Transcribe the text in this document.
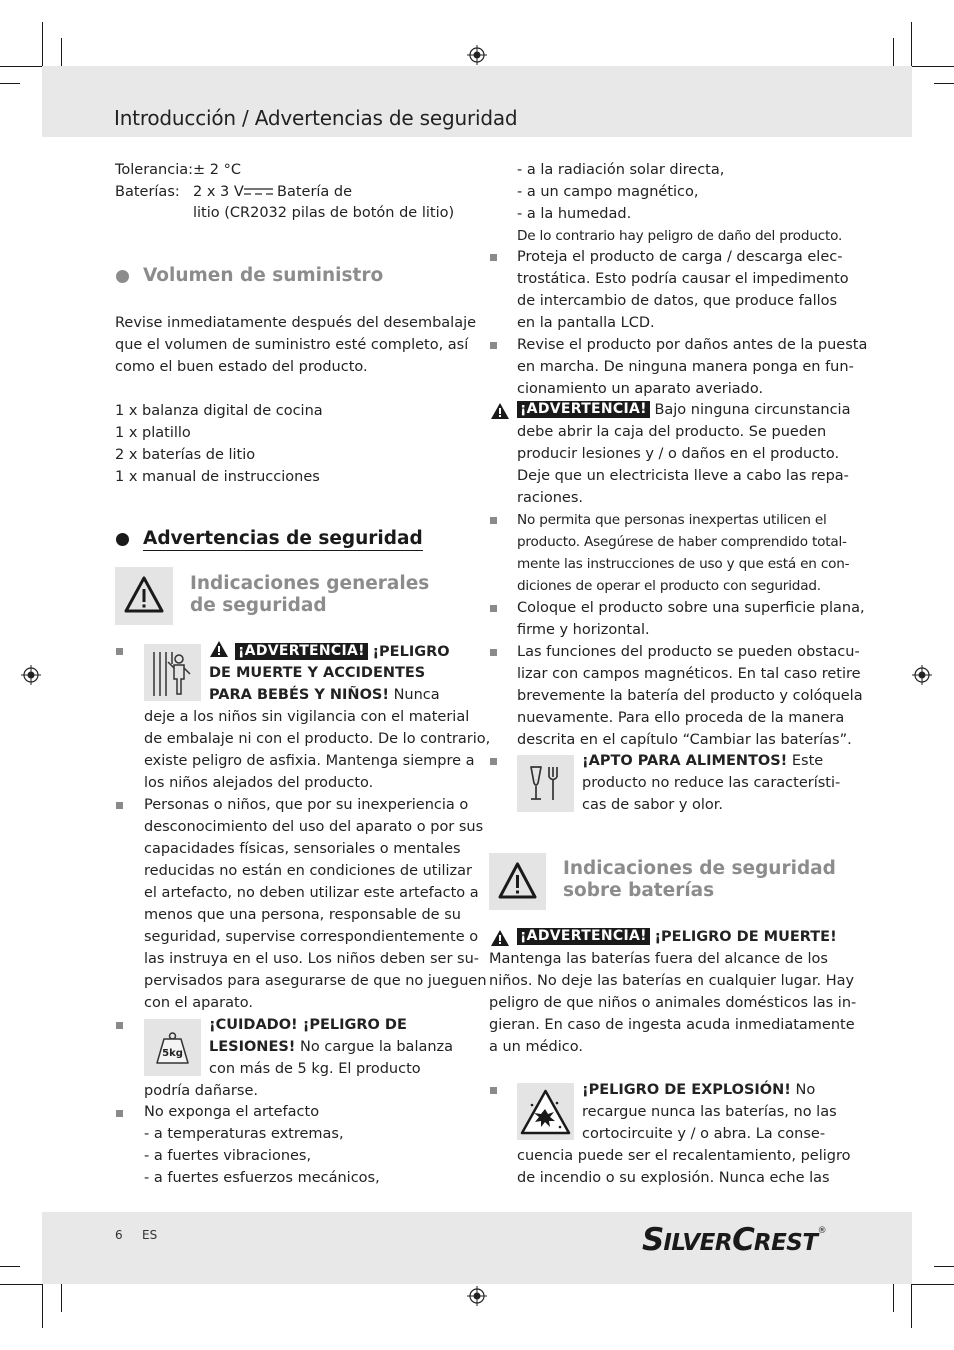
Introducción / Advertencias de seguridad
Tolerancia: ± 2 °C
Baterías: 2 x 3 V Batería de
litio (CR2032 pilas de botón de litio)
Volumen de suministro
Revise inmediatamente después del desembalaje
que el volumen de suministro esté completo, así
como el buen estado del producto.
1 x balanza digital de cocina
1 x platillo
2 x baterías de litio
1 x manual de instrucciones
Advertencias de seguridad
Indicaciones generales
de seguridad
¡ADVERTENCIA! ¡PELIGRO
DE MUERTE Y ACCIDENTES
PARA BEBÉS Y NIÑOS! Nunca
deje a los niños sin vigilancia con el material
de embalaje ni con el producto. De lo contrario,
existe peligro de asfixia. Mantenga siempre a
los niños alejados del producto.
Personas o niños, que por su inexperiencia o
desconocimiento del uso del aparato o por sus
capacidades físicas, sensoriales o mentales
reducidas no están en condiciones de utilizar
el artefacto, no deben utilizar este artefacto a
menos que una persona, responsable de su
seguridad, supervise correspondientemente o
las instruya en el uso. Los niños deben ser su-
pervisados para asegurarse de que no jueguen
con el aparato.
5kg
¡CUIDADO! ¡PELIGRO DE
LESIONES! No cargue la balanza
con más de 5 kg. El producto
podría dañarse.
No exponga el artefacto
- a temperaturas extremas,
- a fuertes vibraciones,
- a fuertes esfuerzos mecánicos,
- a la radiación solar directa,
- a un campo magnético,
- a la humedad.
De lo contrario hay peligro de daño del producto.
Proteja el producto de carga / descarga elec-
trostática. Esto podría causar el impedimento
de intercambio de datos, que produce fallos
en la pantalla LCD.
Revise el producto por daños antes de la puesta
en marcha. De ninguna manera ponga en fun-
cionamiento un aparato averiado.
¡ADVERTENCIA! Bajo ninguna circunstancia
debe abrir la caja del producto. Se pueden
producir lesiones y / o daños en el producto.
Deje que un electricista lleve a cabo las repa-
raciones.
No permita que personas inexpertas utilicen el
producto. Asegúrese de haber comprendido total-
mente las instrucciones de uso y que está en con-
diciones de operar el producto con seguridad.
Coloque el producto sobre una superficie plana,
firme y horizontal.
Las funciones del producto se pueden obstacu-
lizar con campos magnéticos. En tal caso retire
brevemente la batería del producto y colóquela
nuevamente. Para ello proceda de la manera
descrita en el capítulo “Cambiar las baterías”.
¡APTO PARA ALIMENTOS! Este
producto no reduce las característi-
cas de sabor y olor.
Indicaciones de seguridad
sobre baterías
¡ADVERTENCIA! ¡PELIGRO DE MUERTE!
Mantenga las baterías fuera del alcance de los
niños. No deje las baterías en cualquier lugar. Hay
peligro de que niños o animales domésticos las in-
gieran. En caso de ingesta acuda inmediatamente
a un médico.
¡PELIGRO DE EXPLOSIÓN! No
recargue nunca las baterías, no las
cortocircuite y / o abra. La conse-
cuencia puede ser el recalentamiento, peligro
de incendio o su explosión. Nunca eche las
6 ES	SILVERCREST®
